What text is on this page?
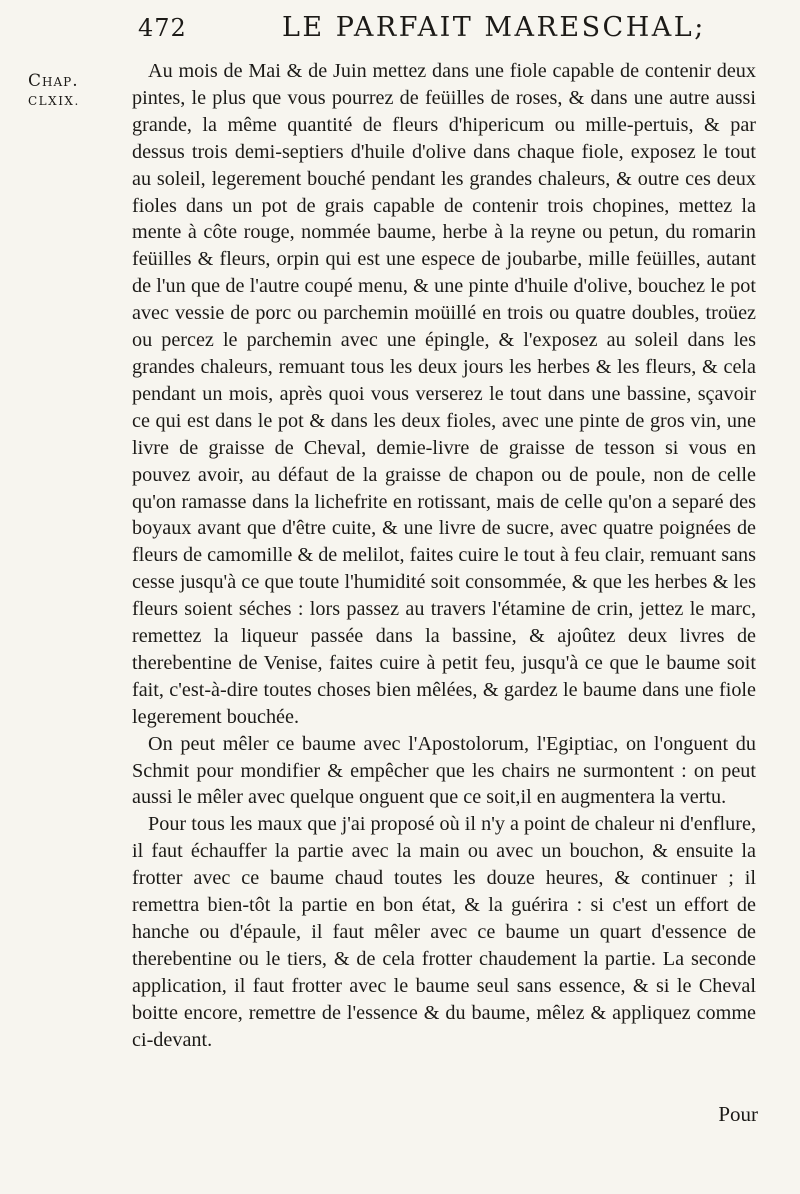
472	LE PARFAIT MARESCHAL;
Chap.
CLXIX.

Au mois de Mai & de Juin mettez dans une fiole capable de contenir deux pintes, le plus que vous pourrez de feüilles de roses, & dans une autre aussi grande, la même quantité de fleurs d'hipericum ou mille-pertuis, & par dessus trois demi-septiers d'huile d'olive dans chaque fiole, exposez le tout au soleil, legerement bouché pendant les grandes chaleurs, & outre ces deux fioles dans un pot de grais capable de contenir trois chopines, mettez la mente à côte rouge, nommée baume, herbe à la reyne ou petun, du romarin feüilles & fleurs, orpin qui est une espece de joubarbe, mille feüilles, autant de l'un que de l'autre coupé menu, & une pinte d'huile d'olive, bouchez le pot avec vessie de porc ou parchemin moüillé en trois ou quatre doubles, troüez ou percez le parchemin avec une épingle, & l'exposez au soleil dans les grandes chaleurs, remuant tous les deux jours les herbes & les fleurs, & cela pendant un mois, après quoi vous verserez le tout dans une bassine, sçavoir ce qui est dans le pot & dans les deux fioles, avec une pinte de gros vin, une livre de graisse de Cheval, demie-livre de graisse de tesson si vous en pouvez avoir, au défaut de la graisse de chapon ou de poule, non de celle qu'on ramasse dans la lichefrite en rotissant, mais de celle qu'on a separé des boyaux avant que d'être cuite, & une livre de sucre, avec quatre poignées de fleurs de camomille & de melilot, faites cuire le tout à feu clair, remuant sans cesse jusqu'à ce que toute l'humidité soit consommée, & que les herbes & les fleurs soient séches : lors passez au travers l'étamine de crin, jettez le marc, remettez la liqueur passée dans la bassine, & ajoûtez deux livres de therebentine de Venise, faites cuire à petit feu, jusqu'à ce que le baume soit fait, c'est-à-dire toutes choses bien mêlées, & gardez le baume dans une fiole legerement bouchée.

On peut mêler ce baume avec l'Apostolorum, l'Egiptiac, on l'onguent du Schmit pour mondifier & empêcher que les chairs ne surmontent : on peut aussi le mêler avec quelque onguent que ce soit,il en augmentera la vertu.

Pour tous les maux que j'ai proposé où il n'y a point de chaleur ni d'enflure, il faut échauffer la partie avec la main ou avec un bouchon, & ensuite la frotter avec ce baume chaud toutes les douze heures, & continuer ; il remettra bien-tôt la partie en bon état, & la guérira : si c'est un effort de hanche ou d'épaule, il faut mêler avec ce baume un quart d'essence de therebentine ou le tiers, & de cela frotter chaudement la partie. La seconde application, il faut frotter avec le baume seul sans essence, & si le Cheval boitte encore, remettre de l'essence & du baume, mêlez & appliquez comme ci-devant.

Pour
